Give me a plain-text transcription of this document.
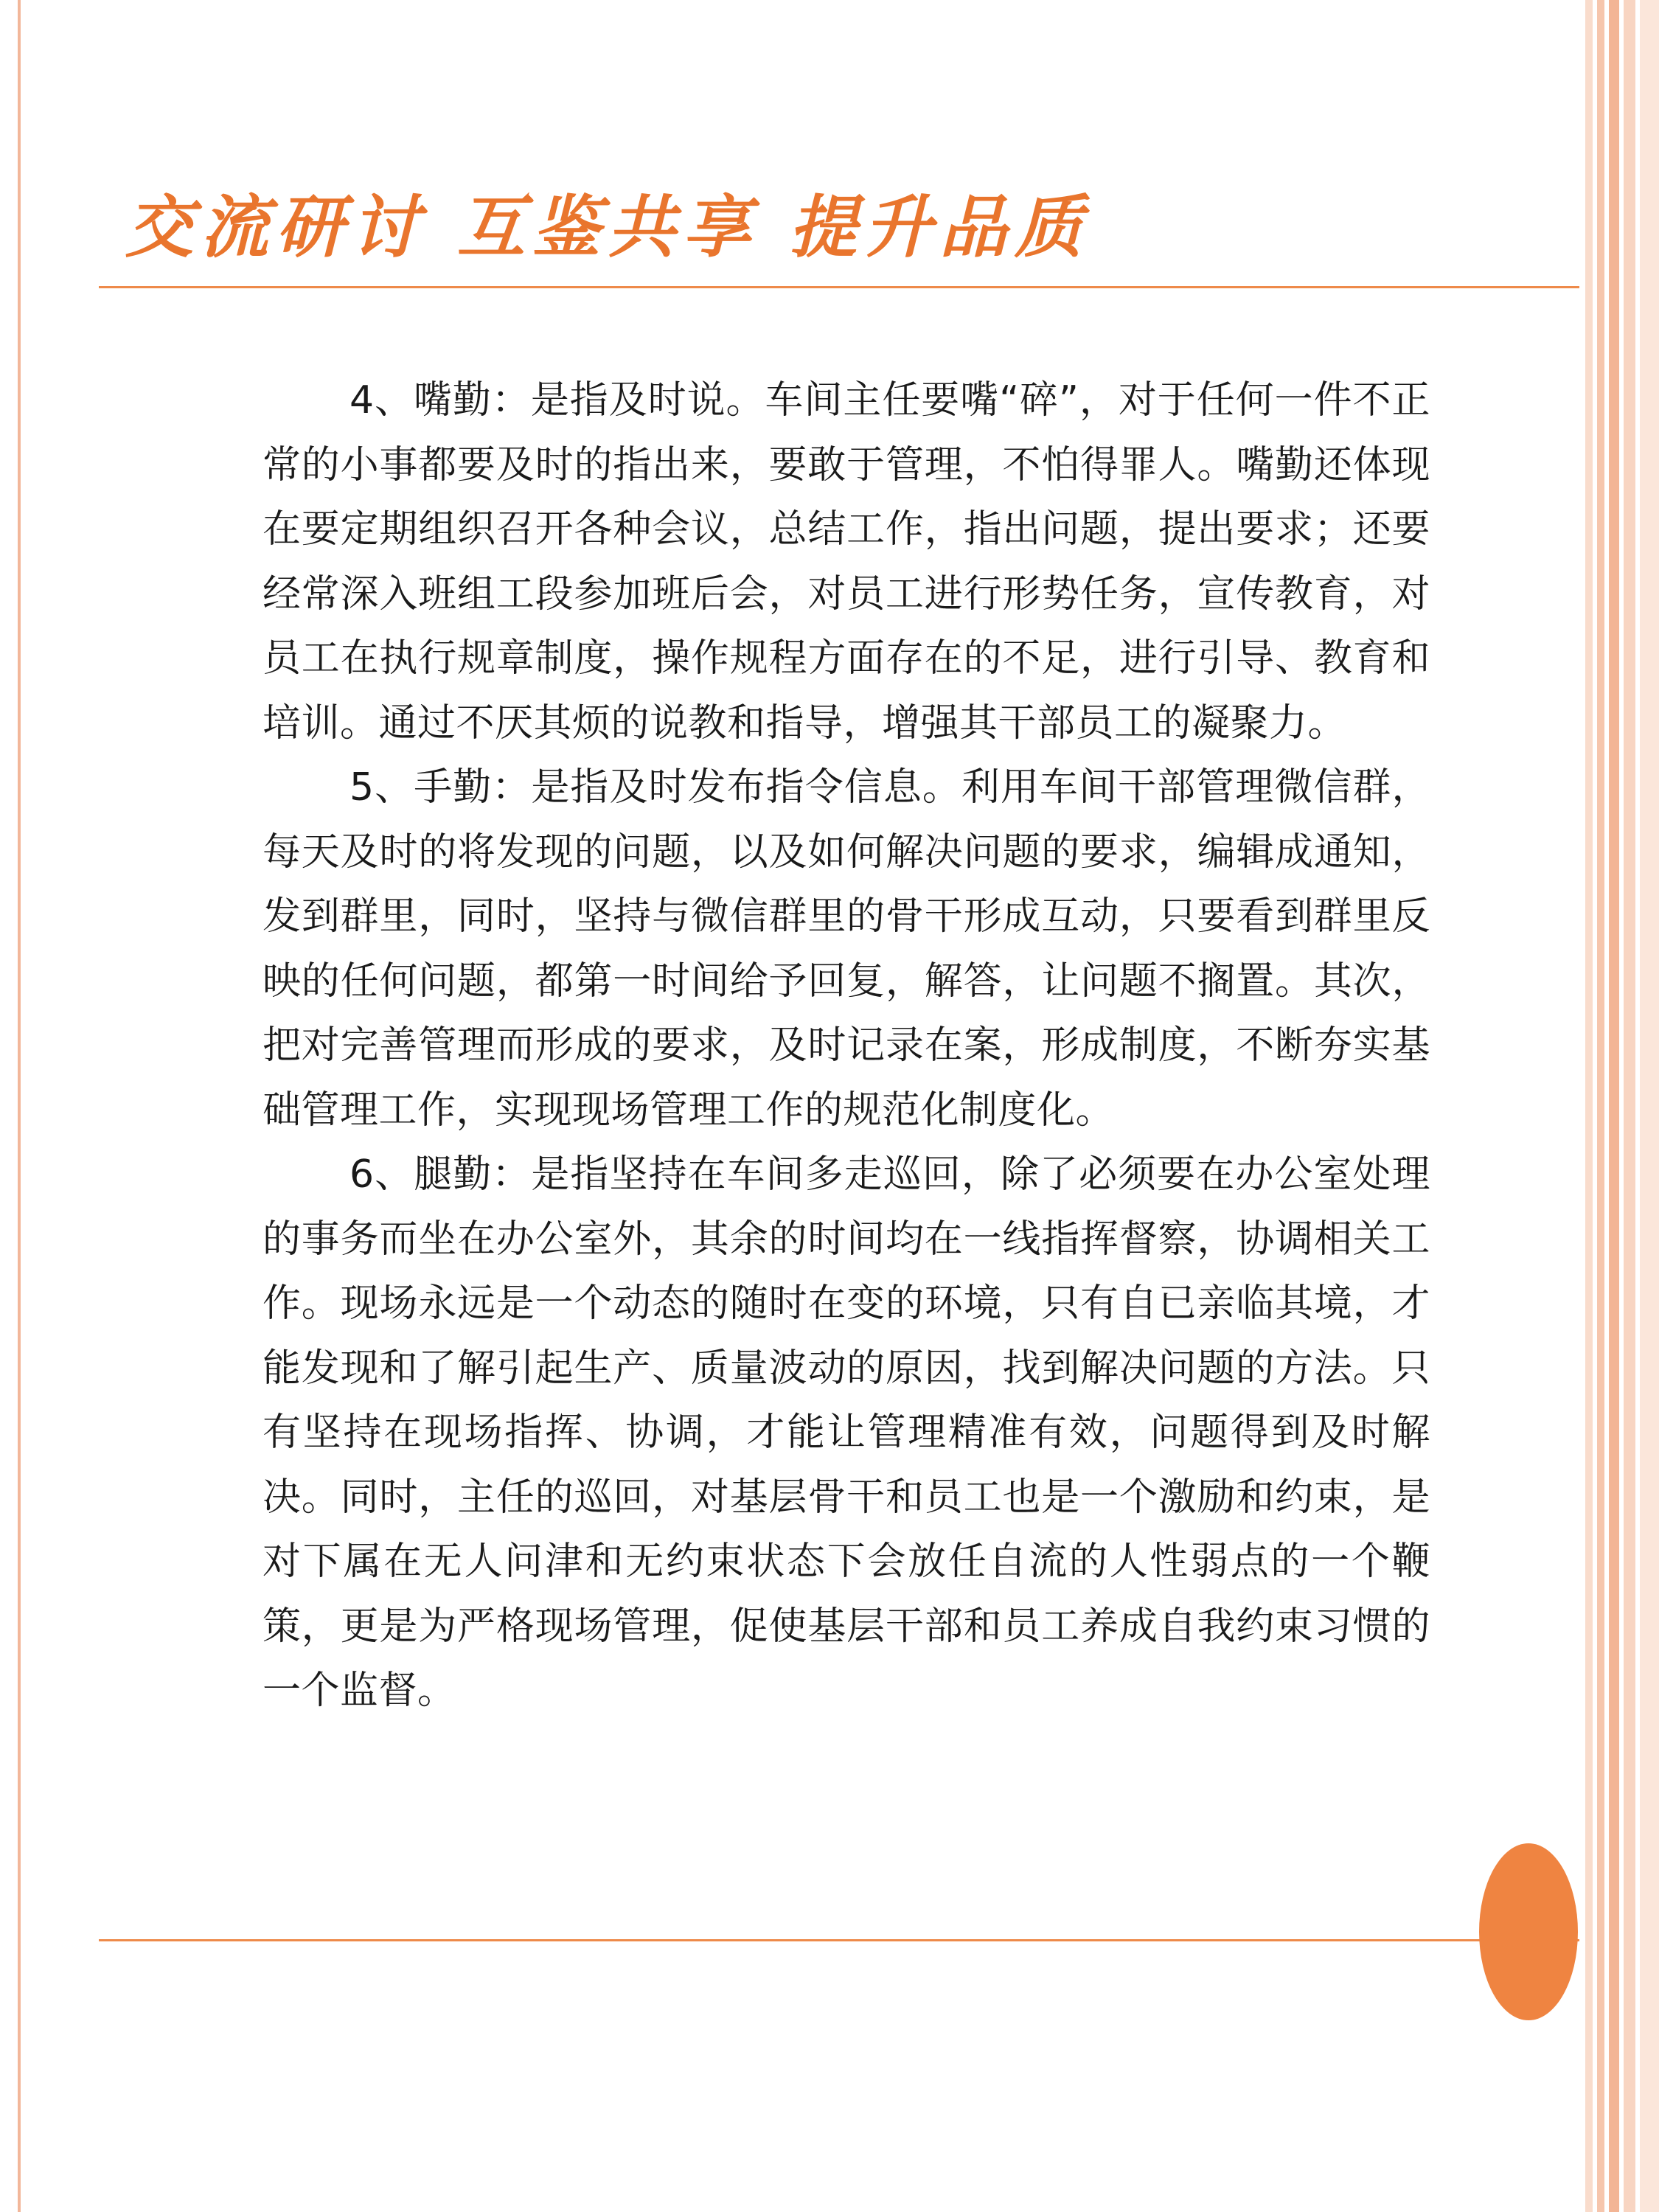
交流研讨 互鉴共享 提升品质

4、嘴勤：是指及时说。车间主任要嘴“碎”，对于任何一件不正常的小事都要及时的指出来，要敢于管理，不怕得罪人。嘴勤还体现在要定期组织召开各种会议，总结工作，指出问题，提出要求；还要经常深入班组工段参加班后会，对员工进行形势任务，宣传教育，对员工在执行规章制度，操作规程方面存在的不足，进行引导、教育和培训。通过不厌其烦的说教和指导，增强其干部员工的凝聚力。

5、手勤：是指及时发布指令信息。利用车间干部管理微信群，每天及时的将发现的问题，以及如何解决问题的要求，编辑成通知，发到群里，同时，坚持与微信群里的骨干形成互动，只要看到群里反映的任何问题，都第一时间给予回复，解答，让问题不搁置。其次，把对完善管理而形成的要求，及时记录在案，形成制度，不断夯实基础管理工作，实现现场管理工作的规范化制度化。

6、腿勤：是指坚持在车间多走巡回，除了必须要在办公室处理的事务而坐在办公室外，其余的时间均在一线指挥督察，协调相关工作。现场永远是一个动态的随时在变的环境，只有自已亲临其境，才能发现和了解引起生产、质量波动的原因，找到解决问题的方法。只有坚持在现场指挥、协调，才能让管理精准有效，问题得到及时解决。同时，主任的巡回，对基层骨干和员工也是一个激励和约束，是对下属在无人问津和无约束状态下会放任自流的人性弱点的一个鞭策，更是为严格现场管理，促使基层干部和员工养成自我约束习惯的一个监督。
